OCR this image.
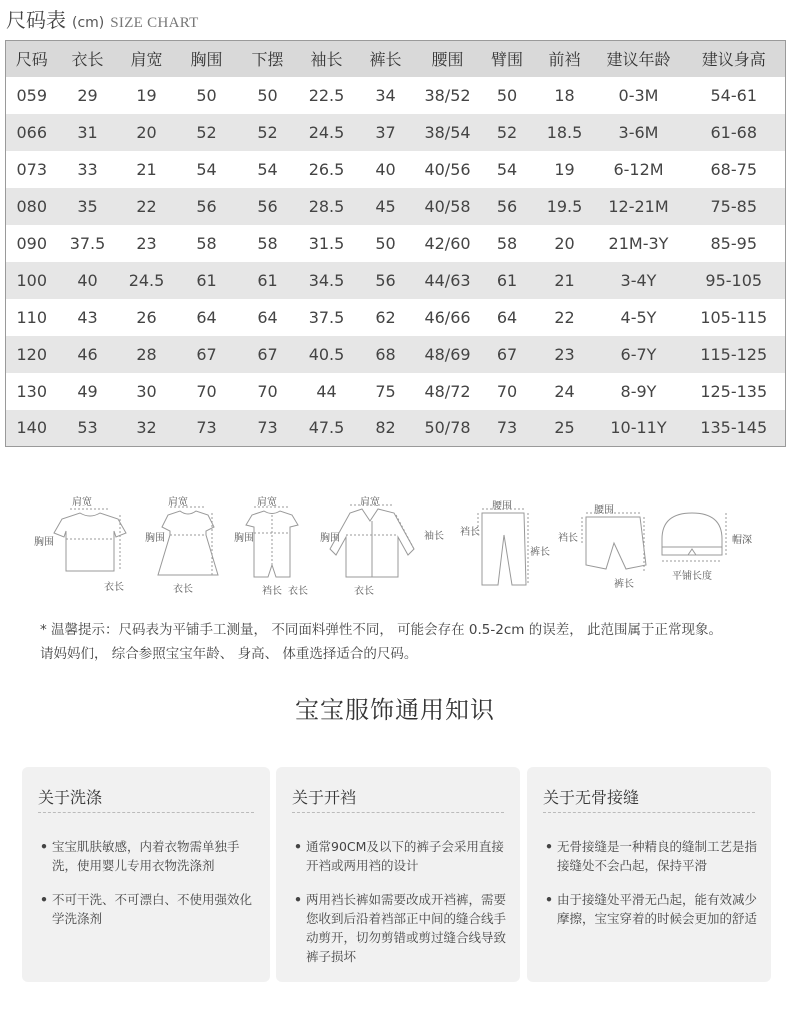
尺码表 (cm) SIZE CHART
尺码	衣长	肩宽	胸围	下摆	袖长	裤长	腰围	臂围	前裆	建议年龄	建议身高
059	29	19	50	50	22.5	34	38/52	50	18	0-3M	54-61
066	31	20	52	52	24.5	37	38/54	52	18.5	3-6M	61-68
073	33	21	54	54	26.5	40	40/56	54	19	6-12M	68-75
080	35	22	56	56	28.5	45	40/58	56	19.5	12-21M	75-85
090	37.5	23	58	58	31.5	50	42/60	58	20	21M-3Y	85-95
100	40	24.5	61	61	34.5	56	44/63	61	21	3-4Y	95-105
110	43	26	64	64	37.5	62	46/66	64	22	4-5Y	105-115
120	46	28	67	67	40.5	68	48/69	67	23	6-7Y	115-125
130	49	30	70	70	44	75	48/72	70	24	8-9Y	125-135
140	53	32	73	73	47.5	82	50/78	73	25	10-11Y	135-145
肩宽
胸围
衣长
肩宽
胸围
衣长
肩宽
胸围
裆长 衣长
肩宽
胸围	袖长
衣长
腰围
裆长
裤长
腰围
裆长
裤长
帽深
平铺长度
* 温馨提示：尺码表为平铺手工测量， 不同面料弹性不同， 可能会存在 0.5-2cm 的误差， 此范围属于正常现象。
请妈妈们， 综合参照宝宝年龄、 身高、 体重选择适合的尺码。
宝宝服饰通用知识
关于洗涤
• 宝宝肌肤敏感，内着衣物需单独手洗，使用婴儿专用衣物洗涤剂
• 不可干洗、不可漂白、不使用强效化学洗涤剂
关于开裆
• 通常90CM及以下的裤子会采用直接开裆或两用裆的设计
• 两用裆长裤如需要改成开裆裤，需要您收到后沿着裆部正中间的缝合线手动剪开，切勿剪错或剪过缝合线导致裤子损坏
关于无骨接缝
• 无骨接缝是一种精良的缝制工艺是指接缝处不会凸起，保持平滑
• 由于接缝处平滑无凸起，能有效减少摩擦，宝宝穿着的时候会更加的舒适
